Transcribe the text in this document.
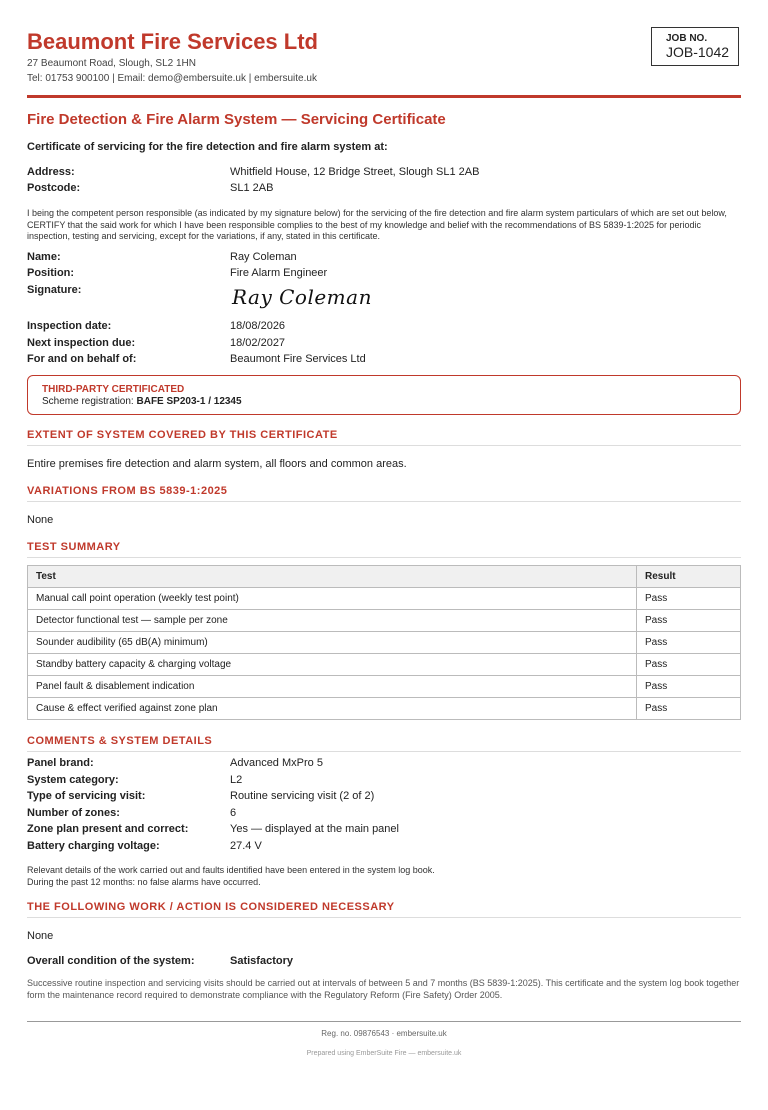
Beaumont Fire Services Ltd
27 Beaumont Road, Slough, SL2 1HN
Tel: 01753 900100 | Email: demo@embersuite.uk | embersuite.uk
JOB NO.
JOB-1042
Fire Detection & Fire Alarm System — Servicing Certificate
Certificate of servicing for the fire detection and fire alarm system at:
Address:	Whitfield House, 12 Bridge Street, Slough SL1 2AB
Postcode:	SL1 2AB
I being the competent person responsible (as indicated by my signature below) for the servicing of the fire detection and fire alarm system particulars of which are set out below, CERTIFY that the said work for which I have been responsible complies to the best of my knowledge and belief with the recommendations of BS 5839-1:2025 for periodic inspection, testing and servicing, except for the variations, if any, stated in this certificate.
Name:	Ray Coleman
Position:	Fire Alarm Engineer
Signature:	Ray Coleman
Inspection date:	18/08/2026
Next inspection due:	18/02/2027
For and on behalf of:	Beaumont Fire Services Ltd
THIRD-PARTY CERTIFICATED
Scheme registration: BAFE SP203-1 / 12345
EXTENT OF SYSTEM COVERED BY THIS CERTIFICATE
Entire premises fire detection and alarm system, all floors and common areas.
VARIATIONS FROM BS 5839-1:2025
None
TEST SUMMARY
Test	Result
Manual call point operation (weekly test point)	Pass
Detector functional test — sample per zone	Pass
Sounder audibility (65 dB(A) minimum)	Pass
Standby battery capacity & charging voltage	Pass
Panel fault & disablement indication	Pass
Cause & effect verified against zone plan	Pass
COMMENTS & SYSTEM DETAILS
Panel brand:	Advanced MxPro 5
System category:	L2
Type of servicing visit:	Routine servicing visit (2 of 2)
Number of zones:	6
Zone plan present and correct:	Yes — displayed at the main panel
Battery charging voltage:	27.4 V
Relevant details of the work carried out and faults identified have been entered in the system log book.
During the past 12 months: no false alarms have occurred.
THE FOLLOWING WORK / ACTION IS CONSIDERED NECESSARY
None
Overall condition of the system:	Satisfactory
Successive routine inspection and servicing visits should be carried out at intervals of between 5 and 7 months (BS 5839-1:2025). This certificate and the system log book together form the maintenance record required to demonstrate compliance with the Regulatory Reform (Fire Safety) Order 2005.
Reg. no. 09876543 · embersuite.uk
Prepared using EmberSuite Fire — embersuite.uk
